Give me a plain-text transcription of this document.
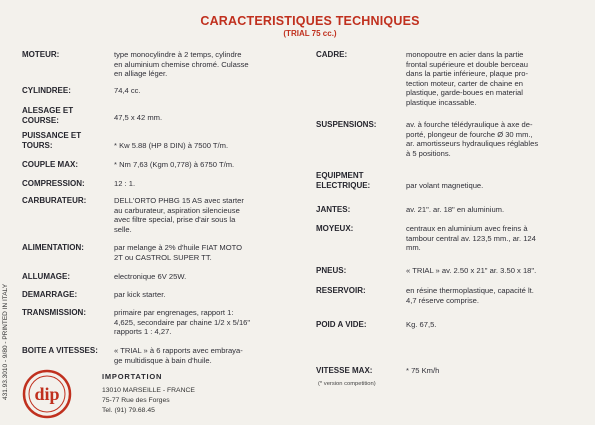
CARACTERISTIQUES TECHNIQUES
(TRIAL 75 cc.)
431.93.3010 - 9/80 - PRINTED IN ITALY
MOTEUR:	type monocylindre à 2 temps, cylindre
en aluminium chemise chromé. Culasse
en alliage léger.
CYLINDREE:	74,4 cc.
ALESAGE ET
COURSE:	47,5 x 42 mm.
PUISSANCE ET
TOURS:	* Kw 5.88 (HP 8 DIN) à 7500 T/m.
COUPLE MAX:	* Nm 7,63 (Kgm 0,778) à 6750 T/m.
COMPRESSION:	12 : 1.
CARBURATEUR:	DELL'ORTO PHBG 15 AS avec starter
au carburateur, aspiration silencieuse
avec filtre special, prise d'air sous la
selle.
ALIMENTATION:	par melange à 2% d'huile FIAT MOTO
2T ou CASTROL SUPER TT.
ALLUMAGE:	electronique 6V 25W.
DEMARRAGE:	par kick starter.
TRANSMISSION:	primaire par engrenages, rapport 1:
4,625, secondaire par chaine 1/2 x 5/16"
rapports 1 : 4,27.
BOITE A VITESSES: « TRIAL » à 6 rapports avec embraya-
ge multidisque à bain d'huile.
CADRE:	monopoutre en acier dans la partie
frontal supérieure et double berceau
dans la partie inférieure, plaque pro-
tection moteur, carter de chaine en
plastique, garde-boues en material
plastique incassable.
SUSPENSIONS:	av. à fourche télédyraulique à axe de-
porté, plongeur de fourche Ø 30 mm.,
ar. amortisseurs hydrauliques réglables
à 5 positions.
EQUIPMENT
ELECTRIQUE:	par volant magnetique.
JANTES:	av. 21". ar. 18" en aluminium.
MOYEUX:	centraux en aluminium avec freins à
tambour central av. 123,5 mm., ar. 124
mm.
PNEUS:	« TRIAL » av. 2.50 x 21" ar. 3.50 x 18".
RESERVOIR:	en résine thermoplastique, capacité lt.
4,7 réserve comprise.
POID A VIDE:	Kg. 67,5.
VITESSE MAX:	* 75 Km/h
(* version competition)
dip
IMPORTATION
13010 MARSEILLE - FRANCE
75-77 Rue des Forges
Tel. (91) 79.68.45
